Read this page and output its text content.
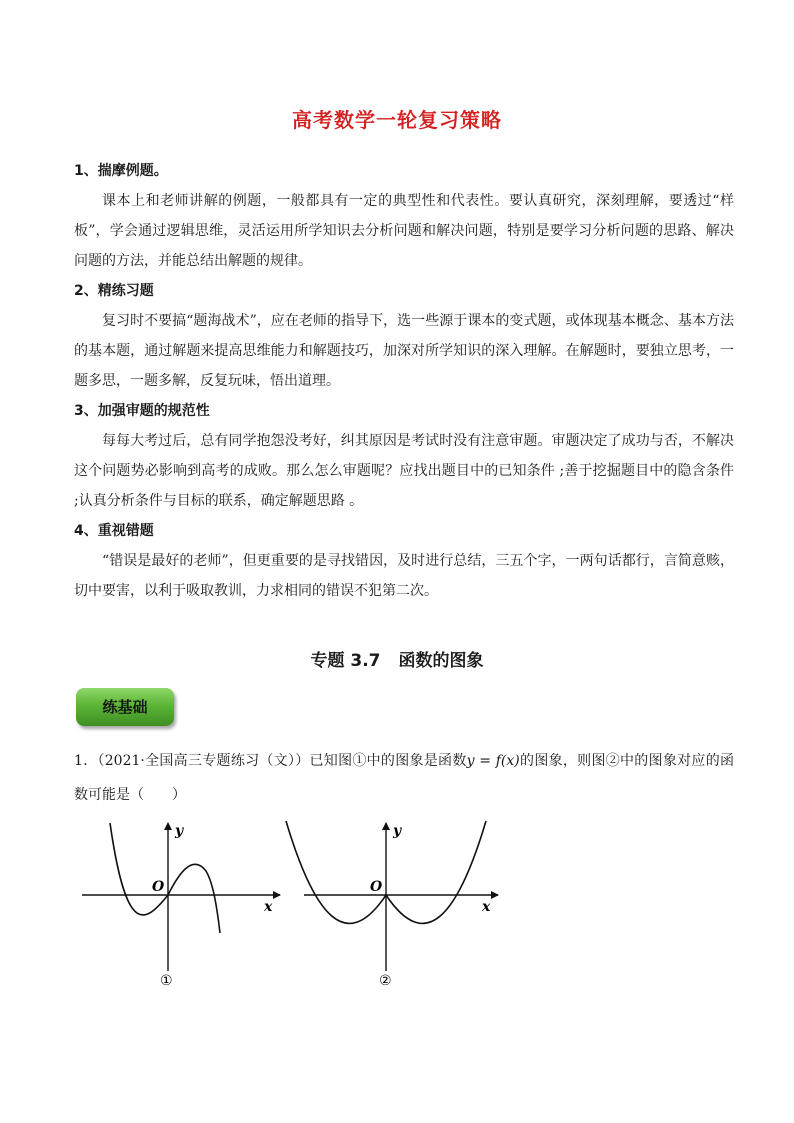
高考数学一轮复习策略
1、揣摩例题。

课本上和老师讲解的例题，一般都具有一定的典型性和代表性。要认真研究，深刻理解，要透过“样板”，学会通过逻辑思维，灵活运用所学知识去分析问题和解决问题，特别是要学习分析问题的思路、解决问题的方法，并能总结出解题的规律。

2、精练习题

复习时不要搞“题海战术”，应在老师的指导下，选一些源于课本的变式题，或体现基本概念、基本方法的基本题，通过解题来提高思维能力和解题技巧，加深对所学知识的深入理解。在解题时，要独立思考，一题多思，一题多解，反复玩味，悟出道理。

3、加强审题的规范性

每每大考过后，总有同学抱怨没考好，纠其原因是考试时没有注意审题。审题决定了成功与否，不解决这个问题势必影响到高考的成败。那么怎么审题呢？应找出题目中的已知条件 ;善于挖掘题目中的隐含条件 ;认真分析条件与目标的联系，确定解题思路 。

4、重视错题

“错误是最好的老师”，但更重要的是寻找错因，及时进行总结，三五个字，一两句话都行，言简意赅，切中要害，以利于吸取教训，力求相同的错误不犯第二次。

专题 3.7 函数的图象
练基础
1．（2021·全国高三专题练习（文））已知图①中的图象是函数y = f(x)的图象，则图②中的图象对应的函数可能是（　　）
y
x
O
①
y
x
O
②
